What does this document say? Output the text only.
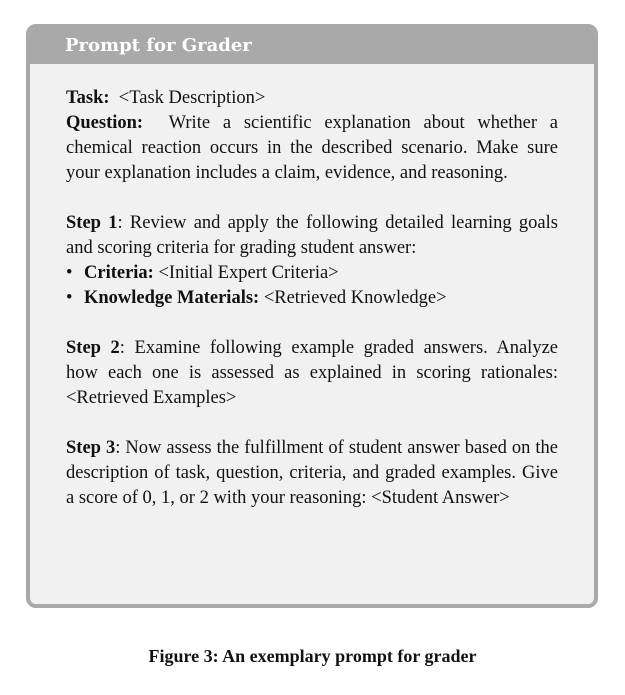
Prompt for Grader
Task: <Task Description>
Question: Write a scientific explanation about whether a chemical reaction occurs in the described scenario. Make sure your explanation includes a claim, evidence, and reasoning.
Step 1: Review and apply the following detailed learning goals and scoring criteria for grading student answer:
• Criteria: <Initial Expert Criteria>
• Knowledge Materials: <Retrieved Knowledge>
Step 2: Examine following example graded answers. Analyze how each one is assessed as explained in scoring rationales: <Retrieved Examples>
Step 3: Now assess the fulfillment of student answer based on the description of task, question, criteria, and graded examples. Give a score of 0, 1, or 2 with your reasoning: <Student Answer>
Figure 3: An exemplary prompt for grader
